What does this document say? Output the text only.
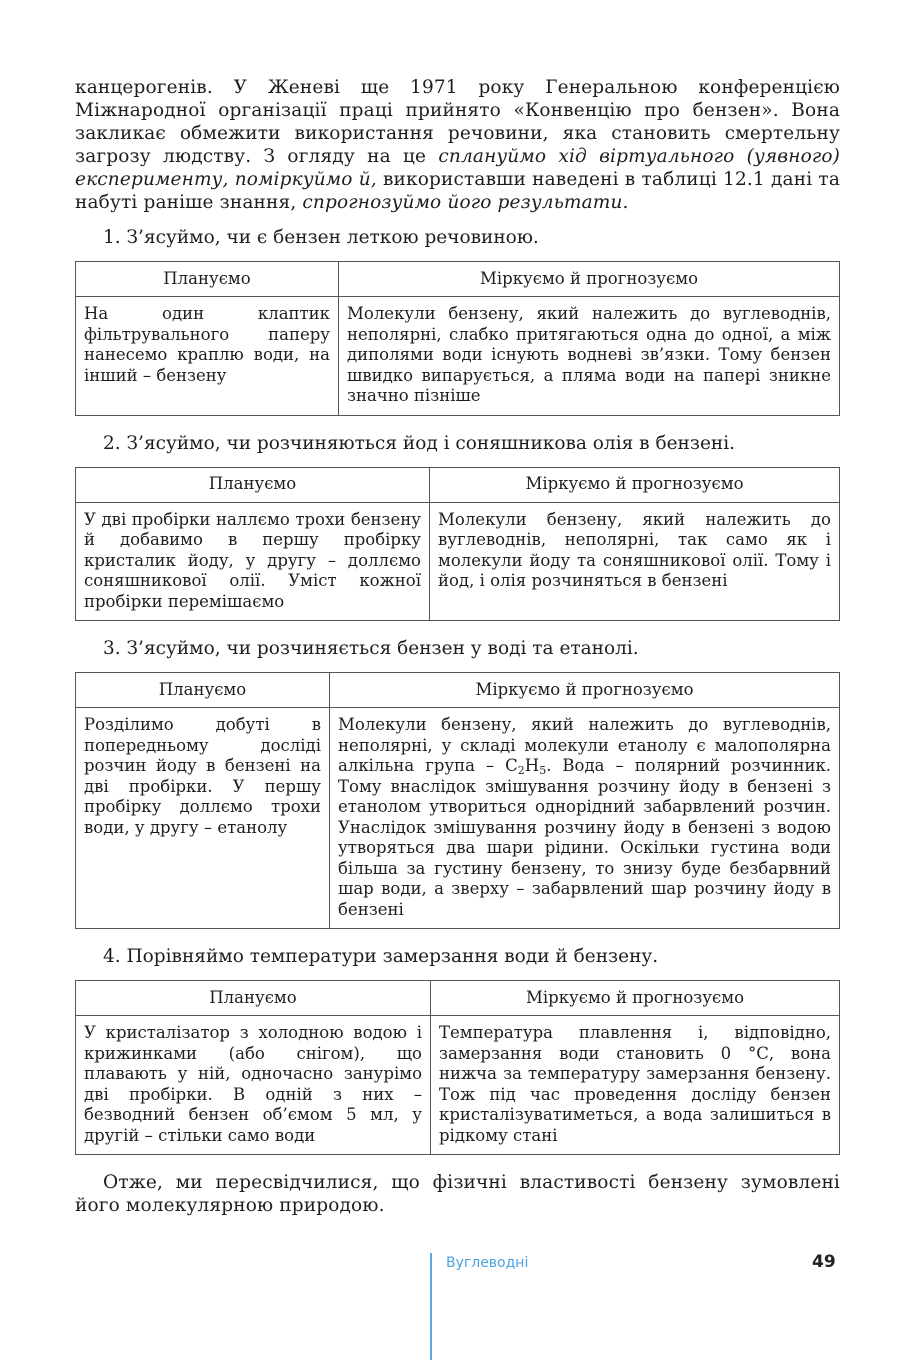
канцерогенів. У Женеві ще 1971 року Генеральною конференцією Міжнародної організації праці прийнято «Конвенцію про бензен». Вона закликає обмежити використання речовини, яка становить смертельну загрозу людству. З огляду на це сплануймо хід віртуального (уявного) експерименту, поміркуймо й, використавши наведені в таблиці 12.1 дані та набуті раніше знання, спрогнозуймо його результати.

1. З’ясуймо, чи є бензен леткою речовиною.
Плануємо	Міркуємо й прогнозуємо
На один клаптик фільтрувального паперу нанесемо краплю води, на інший – бензену	Молекули бензену, який належить до вуглеводнів, неполярні, слабко притягаються одна до одної, а між диполями води існують водневі зв’язки. Тому бензен швидко випарується, а пляма води на папері зникне значно пізніше
2. З’ясуймо, чи розчиняються йод і соняшникова олія в бензені.
Плануємо	Міркуємо й прогнозуємо
У дві пробірки наллємо трохи бензену й добавимо в першу пробірку кристалик йоду, у другу – доллємо соняшникової олії. Уміст кожної пробірки перемішаємо	Молекули бензену, який належить до вуглеводнів, неполярні, так само як і молекули йоду та соняшникової олії. Тому і йод, і олія розчиняться в бензені
3. З’ясуймо, чи розчиняється бензен у воді та етанолі.
Плануємо	Міркуємо й прогнозуємо
Розділимо добуті в попередньому досліді розчин йоду в бензені на дві пробірки. У першу пробірку доллємо трохи води, у другу – етанолу	Молекули бензену, який належить до вуглеводнів, неполярні, у складі молекули етанолу є малополярна алкільна група – $C_2H_5$. Вода – полярний розчинник. Тому внаслідок змішування розчину йоду в бензені з етанолом утвориться однорідний забарвлений розчин. Унаслідок змішування розчину йоду в бензені з водою утворяться два шари рідини. Оскільки густина води більша за густину бензену, то знизу буде безбарвний шар води, а зверху – забарвлений шар розчину йоду в бензені
4. Порівняймо температури замерзання води й бензену.
Плануємо	Міркуємо й прогнозуємо
У кристалізатор з холодною водою і крижинками (або снігом), що плавають у ній, одночасно занурімо дві пробірки. В одній з них – безводний бензен об’ємом 5 мл, у другій – стільки само води	Температура плавлення і, відповідно, замерзання води становить 0 °С, вона нижча за температуру замерзання бензену. Тож під час проведення досліду бензен кристалізуватиметься, а вода залишиться в рідкому стані

Отже, ми пересвідчилися, що фізичні властивості бензену зумовлені його молекулярною природою.

Вуглеводні	49
